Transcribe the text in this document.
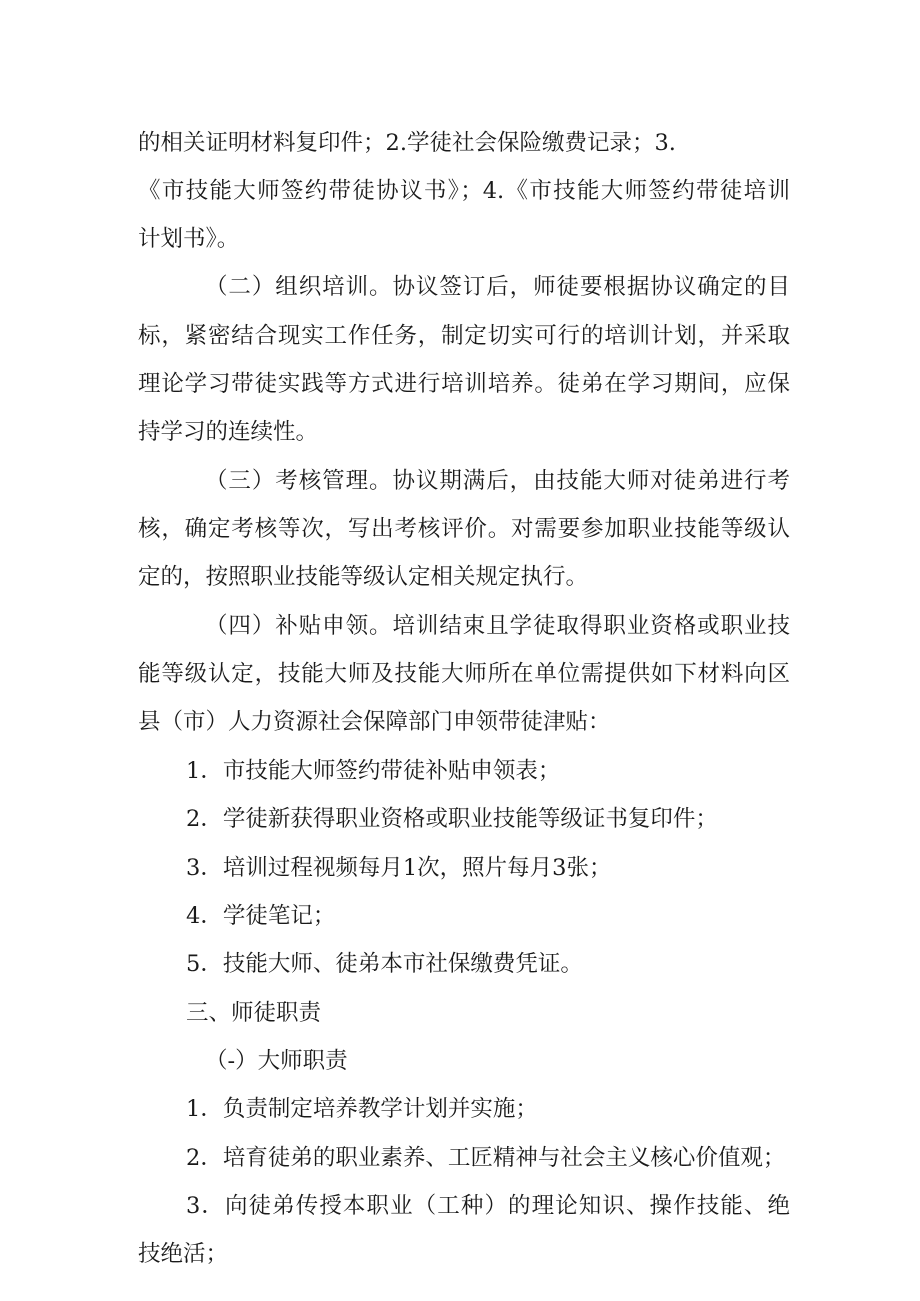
的相关证明材料复印件；2.学徒社会保险缴费记录；3.
《市技能大师签约带徒协议书》；4.《市技能大师签约带徒培训
计划书》。
（二）组织培训。协议签订后，师徒要根据协议确定的目
标，紧密结合现实工作任务，制定切实可行的培训计划，并采取
理论学习带徒实践等方式进行培训培养。徒弟在学习期间，应保
持学习的连续性。
（三）考核管理。协议期满后，由技能大师对徒弟进行考
核，确定考核等次，写出考核评价。对需要参加职业技能等级认
定的，按照职业技能等级认定相关规定执行。
（四）补贴申领。培训结束且学徒取得职业资格或职业技
能等级认定，技能大师及技能大师所在单位需提供如下材料向区
县（市）人力资源社会保障部门申领带徒津贴：
1．市技能大师签约带徒补贴申领表；
2．学徒新获得职业资格或职业技能等级证书复印件；
3．培训过程视频每月1次，照片每月3张；
4．学徒笔记；
5．技能大师、徒弟本市社保缴费凭证。
三、师徒职责
（-）大师职责
1．负责制定培养教学计划并实施；
2．培育徒弟的职业素养、工匠精神与社会主义核心价值观；
3．向徒弟传授本职业（工种）的理论知识、操作技能、绝
技绝活；
